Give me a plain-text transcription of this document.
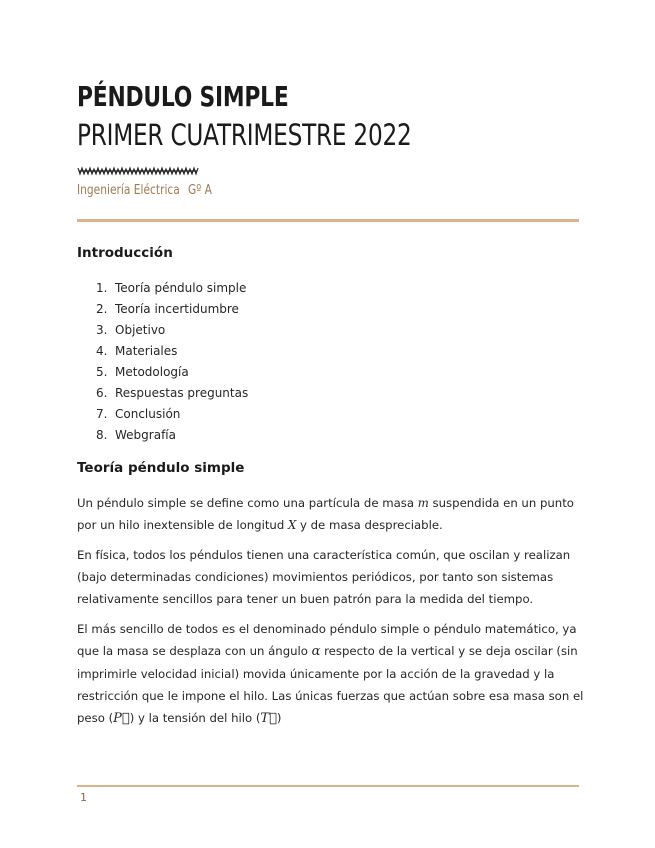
PÉNDULO SIMPLE
PRIMER CUATRIMESTRE 2022
Ingeniería Eléctrica Gº A
Introducción
1. Teoría péndulo simple
2. Teoría incertidumbre
3. Objetivo
4. Materiales
5. Metodología
6. Respuestas preguntas
7. Conclusión
8. Webgrafía
Teoría péndulo simple

Un péndulo simple se define como una partícula de masa m suspendida en un punto por un hilo inextensible de longitud X y de masa despreciable.

En física, todos los péndulos tienen una característica común, que oscilan y realizan (bajo determinadas condiciones) movimientos periódicos, por tanto son sistemas relativamente sencillos para tener un buen patrón para la medida del tiempo.

El más sencillo de todos es el denominado péndulo simple o péndulo matemático, ya que la masa se desplaza con un ángulo α respecto de la vertical y se deja oscilar (sin imprimirle velocidad inicial) movida únicamente por la acción de la gravedad y la restricción que le impone el hilo. Las únicas fuerzas que actúan sobre esa masa son el peso (P⃗) y la tensión del hilo (T⃗)

1
